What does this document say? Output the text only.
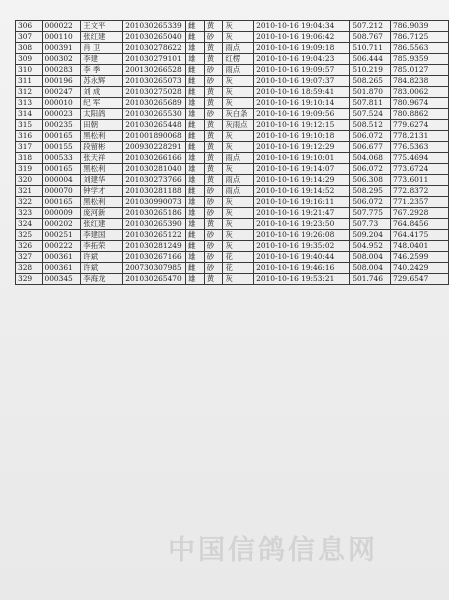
306	000022	王文平	201030265339	雌	黄	灰	2010-10-16 19:04:34	507.212	786.9039
307	000110	张红建	201030265040	雌	砂	灰	2010-10-16 19:06:42	508.767	786.7125
308	000391	肖 卫	201030278622	雄	黄	雨点	2010-10-16 19:09:18	510.711	786.5563
309	000302	李建	201030279101	雄	黄	红楞	2010-10-16 19:04:23	506.444	785.9359
310	000283	李 季	200130266528	雌	砂	雨点	2010-10-16 19:09:57	510.219	785.0127
311	000196	苏永辉	201030265073	雌	砂	灰	2010-10-16 19:07:37	508.265	784.8238
312	000247	刘 成	201030275028	雌	黄	灰	2010-10-16 18:59:41	501.870	783.0062
313	000010	纪 军	201030265689	雄	黄	灰	2010-10-16 19:10:14	507.811	780.9674
314	000023	太阳鸽	201030265530	雄	砂	灰白条	2010-10-16 19:09:56	507.524	780.8862
315	000235	田朝	201030265448	雌	黄	灰雨点	2010-10-16 19:12:15	508.512	779.6274
316	000165	黑松利	201001890068	雌	黄	灰	2010-10-16 19:10:18	506.072	778.2131
317	000155	段留彬	200930228291	雌	黄	灰	2010-10-16 19:12:29	506.677	776.5363
318	000533	张天祥	201030266166	雄	黄	雨点	2010-10-16 19:10:01	504.068	775.4694
319	000165	黑松利	201030281040	雄	黄	灰	2010-10-16 19:14:07	506.072	773.6724
320	000004	刘建华	201030273766	雄	黄	雨点	2010-10-16 19:14:29	506.308	773.6011
321	000070	钟学才	201030281188	雌	砂	雨点	2010-10-16 19:14:52	508.295	772.8372
322	000165	黑松利	201030990073	雄	砂	灰	2010-10-16 19:16:11	506.072	771.2357
323	000009	庞河新	201030265186	雄	砂	灰	2010-10-16 19:21:47	507.775	767.2928
324	000202	张红建	201030265390	雄	黄	灰	2010-10-16 19:23:50	507.73	764.8456
325	000251	李建国	201030265122	雌	砂	灰	2010-10-16 19:26:08	509.204	764.4175
326	000222	李拓荣	201030281249	雌	砂	灰	2010-10-16 19:35:02	504.952	748.0401
327	000361	许斌	201030267166	雄	砂	花	2010-10-16 19:40:44	508.004	746.2599
328	000361	许斌	200730307985	雌	砂	花	2010-10-16 19:46:16	508.004	740.2429
329	000345	李海龙	201030265470	雄	黄	灰	2010-10-16 19:53:21	501.746	729.6547
中国信鸽信息网
